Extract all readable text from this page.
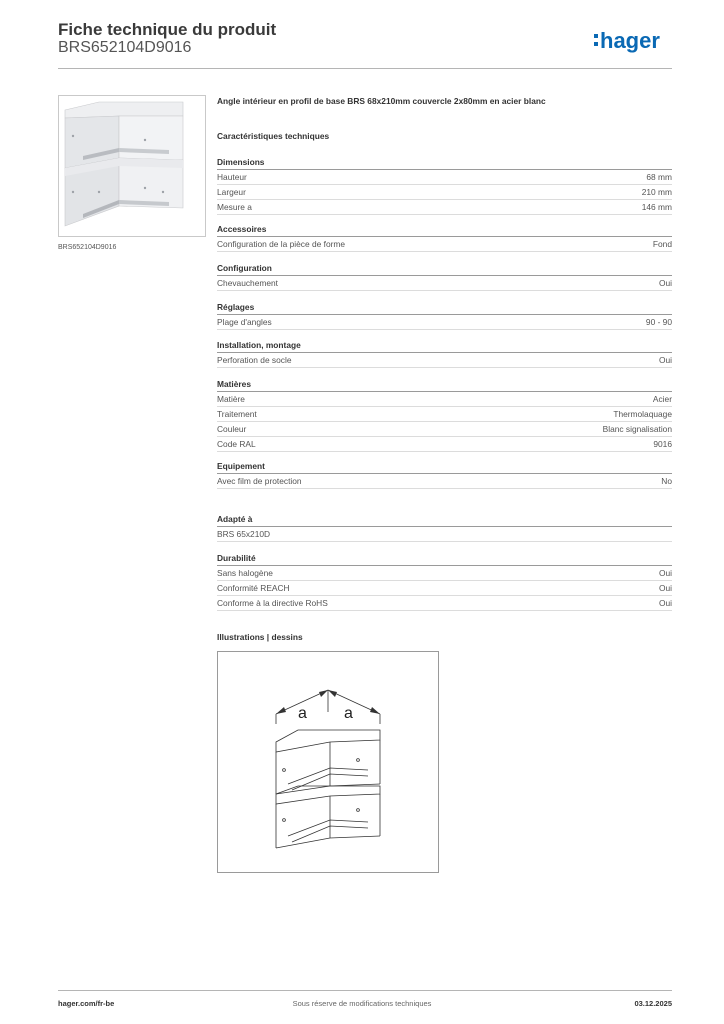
Fiche technique du produit
BRS652104D9016	hager
BRS652104D9016
Angle intérieur en profil de base BRS 68x210mm couvercle 2x80mm en acier blanc
Caractéristiques techniques
Dimensions
Hauteur	68 mm
Largeur	210 mm
Mesure a	146 mm
Accessoires
Configuration de la pièce de forme	Fond
Configuration
Chevauchement	Oui
Réglages
Plage d'angles	90 - 90
Installation, montage
Perforation de socle	Oui
Matières
Matière	Acier
Traitement	Thermolaquage
Couleur	Blanc signalisation
Code RAL	9016
Equipement
Avec film de protection	No
Adapté à
BRS 65x210D
Durabilité
Sans halogène	Oui
Conformité REACH	Oui
Conforme à la directive RoHS	Oui
Illustrations | dessins
a a
hager.com/fr-be	Sous réserve de modifications techniques	03.12.2025
